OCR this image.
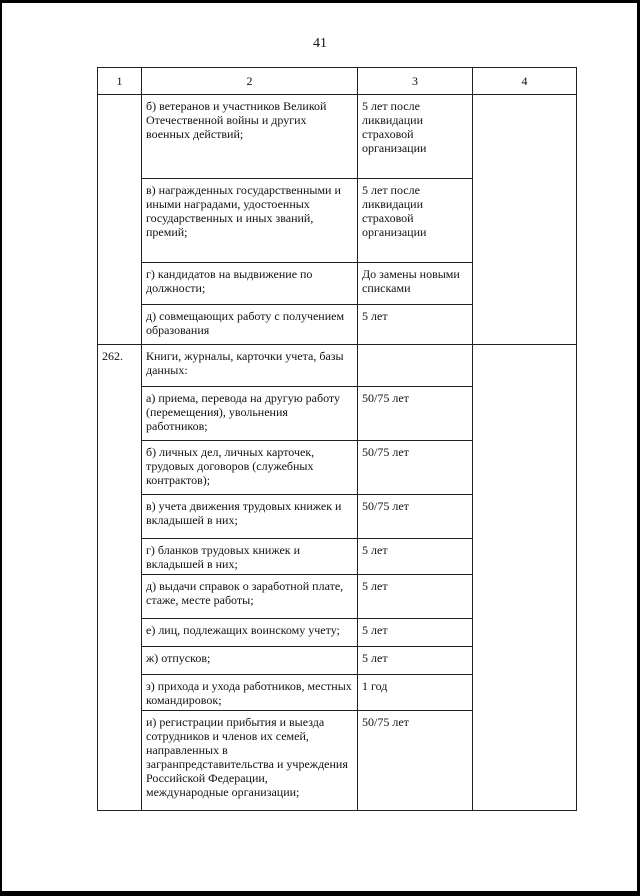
41
1	2	3	4
	б) ветеранов и участников Великой Отечественной войны и других военных действий;	5 лет после ликвидации страховой организации	
	в) награжденных государственными и иными наградами, удостоенных государственных и иных званий, премий;	5 лет после ликвидации страховой организации	
	г) кандидатов на выдвижение по должности;	До замены новыми списками	
	д) совмещающих работу с получением образования	5 лет	
262.	Книги, журналы, карточки учета, базы данных:		
	а) приема, перевода на другую работу (перемещения), увольнения работников;	50/75 лет	
	б) личных дел, личных карточек, трудовых договоров (служебных контрактов);	50/75 лет	
	в) учета движения трудовых книжек и вкладышей в них;	50/75 лет	
	г) бланков трудовых книжек и вкладышей в них;	5 лет	
	д) выдачи справок о заработной плате, стаже, месте работы;	5 лет	
	е) лиц, подлежащих воинскому учету;	5 лет	
	ж) отпусков;	5 лет	
	з) прихода и ухода работников, местных командировок;	1 год	
	и) регистрации прибытия и выезда сотрудников и членов их семей, направленных в загранпредставительства и учреждения Российской Федерации, международные организации;	50/75 лет	
